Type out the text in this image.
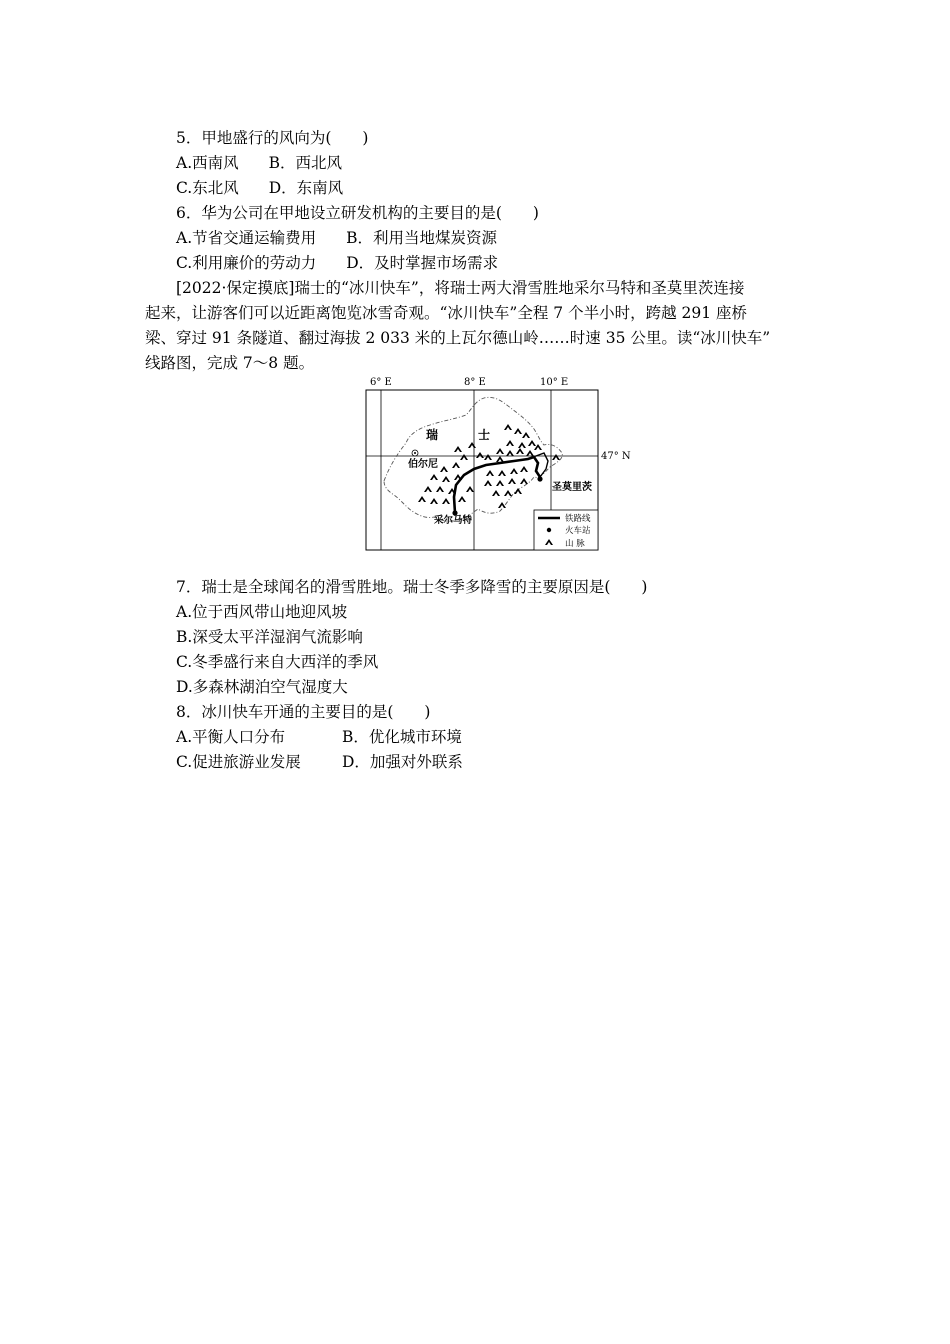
5．甲地盛行的风向为(　　)
A.西南风 B．西北风
C.东北风 D．东南风
6．华为公司在甲地设立研发机构的主要目的是(　　)
A.节省交通运输费用 B．利用当地煤炭资源
C.利用廉价的劳动力 D．及时掌握市场需求
[2022·保定摸底]瑞士的“冰川快车”，将瑞士两大滑雪胜地采尔马特和圣莫里茨连接
起来，让游客们可以近距离饱览冰雪奇观。“冰川快车”全程 7 个半小时，跨越 291 座桥
梁、穿过 91 条隧道、翻过海拔 2 033 米的上瓦尔德山岭……时速 35 公里。读“冰川快车”
线路图，完成 7～8 题。
6° E	8° E	10° E
47° N
瑞	士
伯尔尼
采尔马特
圣莫里茨
铁路线
火车站
山 脉
7．瑞士是全球闻名的滑雪胜地。瑞士冬季多降雪的主要原因是(　　)
A.位于西风带山地迎风坡
B.深受太平洋湿润气流影响
C.冬季盛行来自大西洋的季风
D.多森林湖泊空气湿度大
8．冰川快车开通的主要目的是(　　)
A.平衡人口分布	B．优化城市环境
C.促进旅游业发展	D．加强对外联系
